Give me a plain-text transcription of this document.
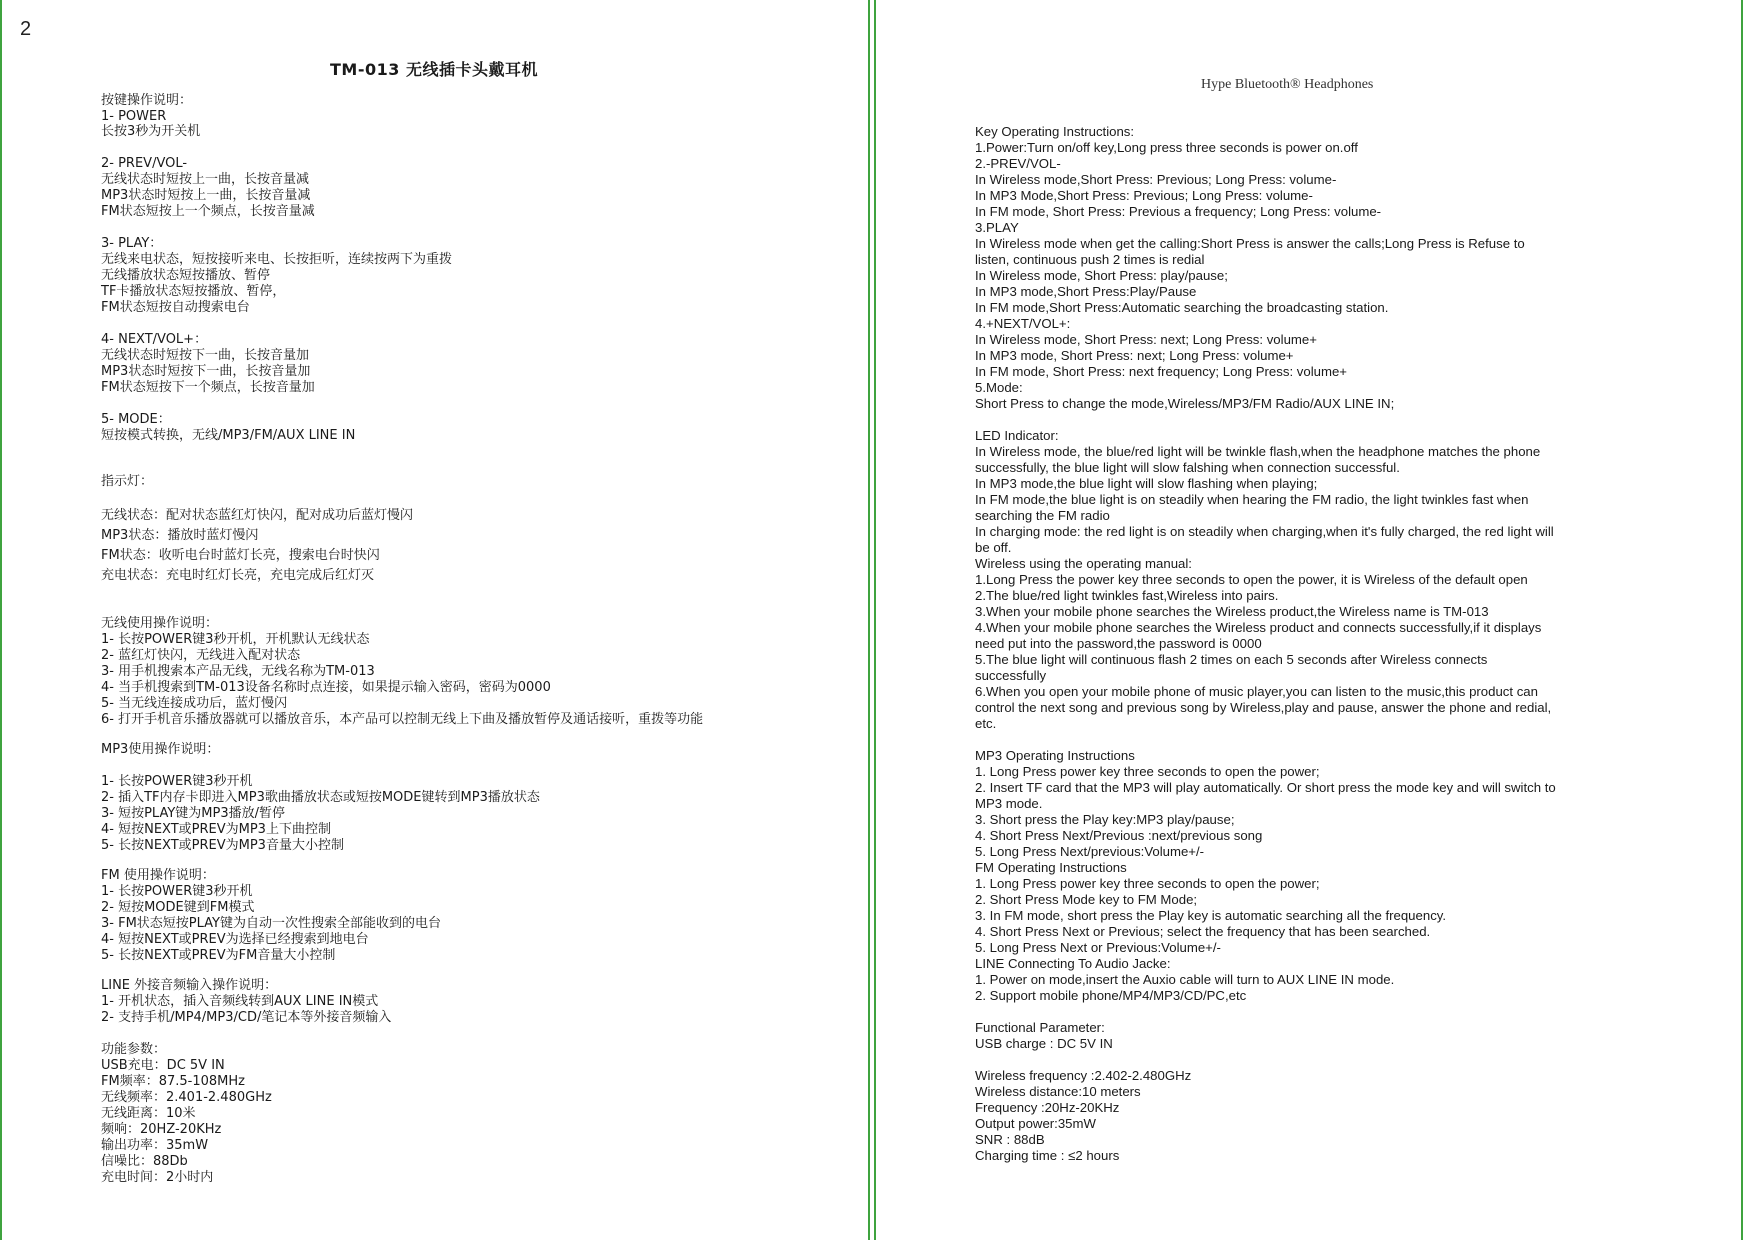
2
TM-013 无线插卡头戴耳机
Hype Bluetooth® Headphones
按键操作说明：
1- POWER
长按3秒为开关机
2- PREV/VOL-
无线状态时短按上一曲，长按音量减
MP3状态时短按上一曲，长按音量减
FM状态短按上一个频点，长按音量减
3- PLAY：
无线来电状态，短按接听来电、长按拒听，连续按两下为重拨
无线播放状态短按播放、暂停
TF卡播放状态短按播放、暂停，
FM状态短按自动搜索电台
4- NEXT/VOL+：
无线状态时短按下一曲，长按音量加
MP3状态时短按下一曲，长按音量加
FM状态短按下一个频点，长按音量加
5- MODE：
短按模式转换，无线/MP3/FM/AUX LINE IN
指示灯：
无线状态：配对状态蓝红灯快闪，配对成功后蓝灯慢闪
MP3状态：播放时蓝灯慢闪
FM状态：收听电台时蓝灯长亮，搜索电台时快闪
充电状态：充电时红灯长亮，充电完成后红灯灭
无线使用操作说明：
1- 长按POWER键3秒开机，开机默认无线状态
2- 蓝红灯快闪，无线进入配对状态
3- 用手机搜索本产品无线，无线名称为TM-013
4- 当手机搜索到TM-013设备名称时点连接，如果提示输入密码，密码为0000
5- 当无线连接成功后，蓝灯慢闪
6- 打开手机音乐播放器就可以播放音乐，本产品可以控制无线上下曲及播放暂停及通话接听，重拨等功能
MP3使用操作说明：
1- 长按POWER键3秒开机
2- 插入TF内存卡即进入MP3歌曲播放状态或短按MODE键转到MP3播放状态
3- 短按PLAY键为MP3播放/暂停
4- 短按NEXT或PREV为MP3上下曲控制
5- 长按NEXT或PREV为MP3音量大小控制
FM 使用操作说明：
1- 长按POWER键3秒开机
2- 短按MODE键到FM模式
3- FM状态短按PLAY键为自动一次性搜索全部能收到的电台
4- 短按NEXT或PREV为选择已经搜索到地电台
5- 长按NEXT或PREV为FM音量大小控制
LINE 外接音频输入操作说明：
1- 开机状态，插入音频线转到AUX LINE IN模式
2- 支持手机/MP4/MP3/CD/笔记本等外接音频输入
功能参数：
USB充电：DC 5V IN
FM频率：87.5-108MHz
无线频率：2.401-2.480GHz
无线距离：10米
频响：20HZ-20KHz
输出功率：35mW
信噪比：88Db
充电时间：2小时内
Key Operating Instructions:
1.Power:Turn on/off key,Long press three seconds is power on.off
2.-PREV/VOL-
In Wireless mode,Short Press: Previous; Long Press: volume-
In MP3 Mode,Short Press: Previous; Long Press: volume-
In FM mode, Short Press: Previous a frequency; Long Press: volume-
3.PLAY
In Wireless mode when get the calling:Short Press is answer the calls;Long Press is Refuse to
listen, continuous push 2 times is redial
In Wireless mode, Short Press: play/pause;
In MP3 mode,Short Press:Play/Pause
In FM mode,Short Press:Automatic searching the broadcasting station.
4.+NEXT/VOL+:
In Wireless mode, Short Press: next; Long Press: volume+
In MP3 mode, Short Press: next; Long Press: volume+
In FM mode, Short Press: next frequency; Long Press: volume+
5.Mode:
Short Press to change the mode,Wireless/MP3/FM Radio/AUX LINE IN;
LED Indicator:
In Wireless mode, the blue/red light will be twinkle flash,when the headphone matches the phone
successfully, the blue light will slow falshing when connection successful.
In MP3 mode,the blue light will slow flashing when playing;
In FM mode,the blue light is on steadily when hearing the FM radio, the light twinkles fast when
searching the FM radio
In charging mode: the red light is on steadily when charging,when it's fully charged, the red light will
be off.
Wireless using the operating manual:
1.Long Press the power key three seconds to open the power, it is Wireless of the default open
2.The blue/red light twinkles fast,Wireless into pairs.
3.When your mobile phone searches the Wireless product,the Wireless name is TM-013
4.When your mobile phone searches the Wireless product and connects successfully,if it displays
need put into the password,the password is 0000
5.The blue light will continuous flash 2 times on each 5 seconds after Wireless connects
successfully
6.When you open your mobile phone of music player,you can listen to the music,this product can
control the next song and previous song by Wireless,play and pause, answer the phone and redial,
etc.
MP3 Operating Instructions
1. Long Press power key three seconds to open the power;
2. Insert TF card that the MP3 will play automatically. Or short press the mode key and will switch to
MP3 mode.
3. Short press the Play key:MP3 play/pause;
4. Short Press Next/Previous :next/previous song
5. Long Press Next/previous:Volume+/-
FM Operating Instructions
1. Long Press power key three seconds to open the power;
2. Short Press Mode key to FM Mode;
3. In FM mode, short press the Play key is automatic searching all the frequency.
4. Short Press Next or Previous; select the frequency that has been searched.
5. Long Press Next or Previous:Volume+/-
LINE Connecting To Audio Jacke:
1. Power on mode,insert the Auxio cable will turn to AUX LINE IN mode.
2. Support mobile phone/MP4/MP3/CD/PC,etc
Functional Parameter:
USB charge : DC 5V IN
Wireless frequency :2.402-2.480GHz
Wireless distance:10 meters
Frequency :20Hz-20KHz
Output power:35mW
SNR : 88dB
Charging time : ≤2 hours
